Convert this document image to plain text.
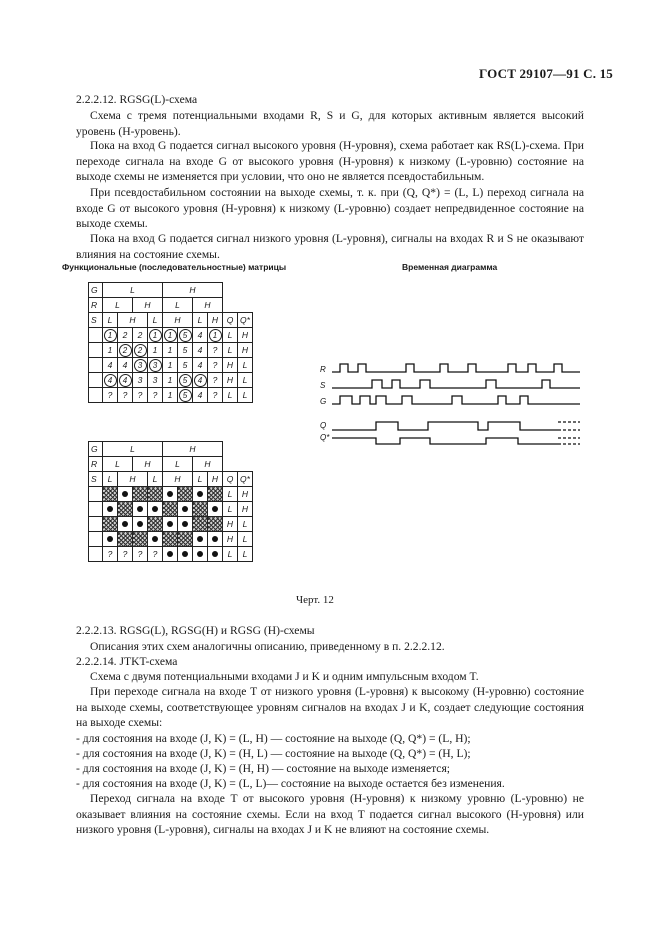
ГОСТ 29107—91 С. 15
2.2.2.12. RGSG(L)-схема
Схема с тремя потенциальными входами R, S и G, для которых активным является высокий уровень (Н-уровень).
Пока на вход G подается сигнал высокого уровня (Н-уровня), схема работает как RS(L)-схема. При переходе сигнала на входе G от высокого уровня (Н-уровня) к низкому (L-уровню) состояние на выходе схемы не изменяется при условии, что оно не является псевдостабильным.
При псевдостабильном состоянии на выходе схемы, т. к. при (Q, Q*) = (L, L) переход сигнала на входе G от высокого уровня (Н-уровня) к низкому (L-уровню) создает непредвиденное состояние на выходе схемы.
Пока на вход G подается сигнал низкого уровня (L-уровня), сигналы на входах R и S не оказывают влияния на состояние схемы.
Функциональные (последовательностные) матрицы	Временная диаграмма
G	L				H					
R	L		H		L		H			
S	L	H		L	H		L	H	Q	Q*
	1	2	2	1	1	5	4	1	L	H
	1	2	2	1	1	5	4	?	L	H
	4	4	3	3	1	5	4	?	H	L
	4	4	3	3	1	5	4	?	H	L
	?	?	?	?	1	5	4	?	L	L
G	L				H					
R	L		H		L		H			
S	L	H		L	H		L	H	Q	Q*
									L	H
									L	H
									H	L
									H	L
	?	?	?	?					L	L
R
S
G
Q
Q*
Черт. 12
2.2.2.13. RGSG(L), RGSG(H) и RGSG (H)-схемы
Описания этих схем аналогичны описанию, приведенному в п. 2.2.2.12.
2.2.2.14. JTKT-схема
Схема с двумя потенциальными входами J и K и одним импульсным входом T.
При переходе сигнала на входе T от низкого уровня (L-уровня) к высокому (Н-уровню) состояние на выходе схемы, соответствующее уровням сигналов на входах J и K, создает следующие состояния на выходе схемы:
- для состояния на входе (J, K) = (L, H) — состояние на выходе (Q, Q*) = (L, H);
- для состояния на входе (J, K) = (H, L) — состояние на выходе (Q, Q*) = (H, L);
- для состояния на входе (J, K) = (H, H) — состояние на выходе изменяется;
- для состояния на входе (J, K) = (L, L)— состояние на выходе остается без изменения.
Переход сигнала на входе T от высокого уровня (Н-уровня) к низкому уровню (L-уровню) не оказывает влияния на состояние схемы. Если на вход T подается сигнал высокого (Н-уровня) или низкого уровня (L-уровня), сигналы на входах J и K не влияют на состояние схемы.
